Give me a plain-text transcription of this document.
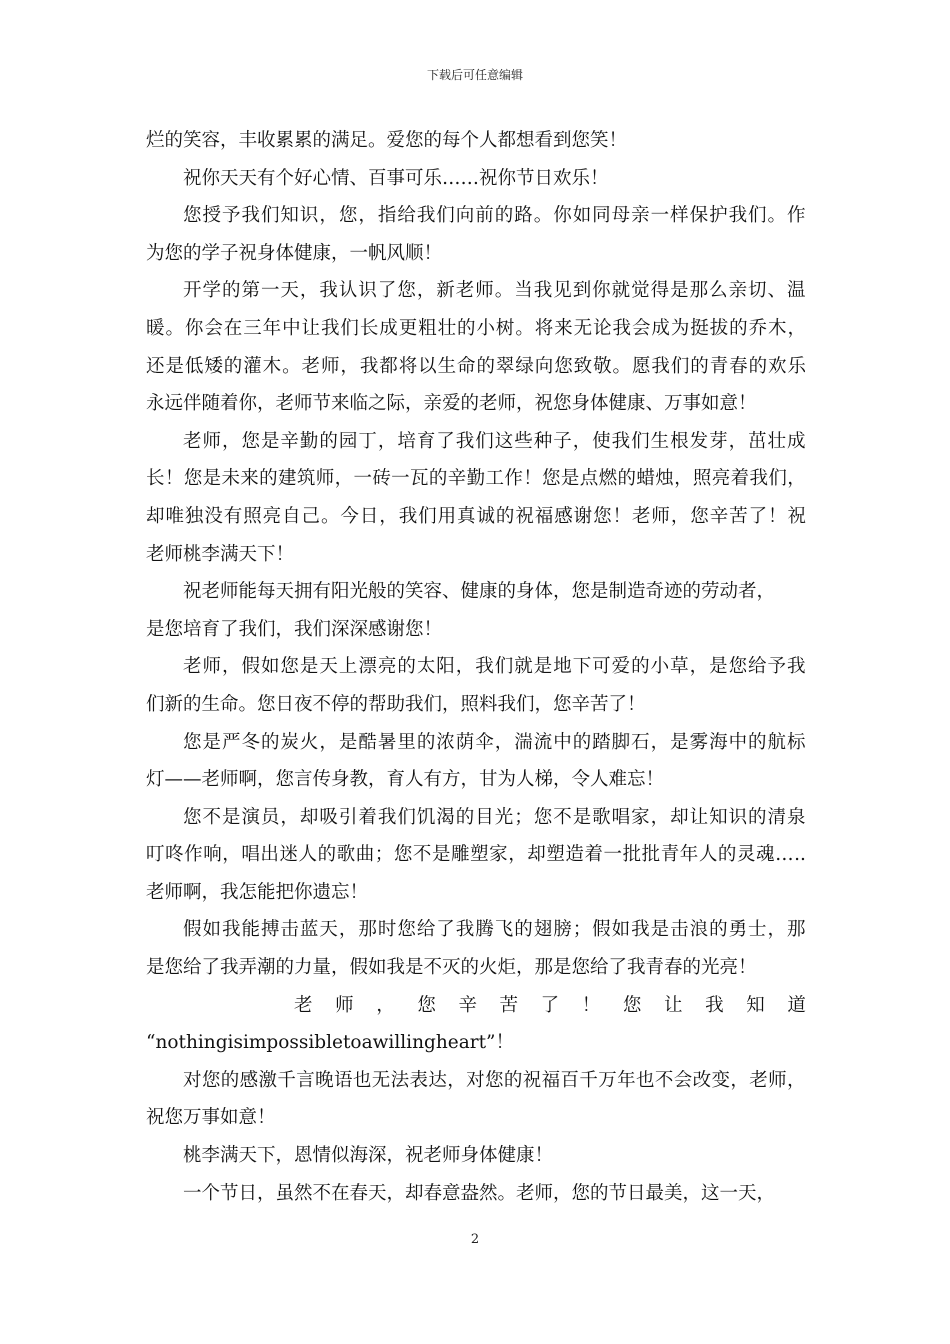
下载后可任意编辑
烂的笑容，丰收累累的满足。爱您的每个人都想看到您笑！
祝你天天有个好心情、百事可乐……祝你节日欢乐！
您 授 予 我 们 知 识 ， 您 ， 指 给 我 们 向 前 的 路 。 你 如 同 母 亲 一 样 保 护 我 们 。 作
为您的学子祝身体健康，一帆风顺！
开 学 的 第 一 天 ， 我 认 识 了 您 ， 新 老 师 。 当 我 见 到 你 就 觉 得 是 那 么 亲 切 、 温
暖 。 你 会 在 三 年 中 让 我 们 长 成 更 粗 壮 的 小 树 。 将 来 无 论 我 会 成 为 挺 拔 的 乔 木 ，
还 是 低 矮 的 灌 木 。 老 师 ， 我 都 将 以 生 命 的 翠 绿 向 您 致 敬 。 愿 我 们 的 青 春 的 欢 乐
永远伴随着你，老师节来临之际，亲爱的老师，祝您身体健康、万事如意！
老 师 ， 您 是 辛 勤 的 园 丁 ， 培 育 了 我 们 这 些 种 子 ， 使 我 们 生 根 发 芽 ， 茁 壮 成
长 ！ 您 是 未 来 的 建 筑 师 ， 一 砖 一 瓦 的 辛 勤 工 作 ！ 您 是 点 燃 的 蜡 烛 ， 照 亮 着 我 们 ，
却 唯 独 没 有 照 亮 自 己 。 今 日 ， 我 们 用 真 诚 的 祝 福 感 谢 您 ！ 老 师 ， 您 辛 苦 了 ！ 祝
老师桃李满天下！
祝老师能每天拥有阳光般的笑容、健康的身体，您是制造奇迹的劳动者，
是您培育了我们，我们深深感谢您！
老 师 ， 假 如 您 是 天 上 漂 亮 的 太 阳 ， 我 们 就 是 地 下 可 爱 的 小 草 ， 是 您 给 予 我
们新的生命。您日夜不停的帮助我们，照料我们，您辛苦了！
您 是 严 冬 的 炭 火 ， 是 酷 暑 里 的 浓 荫 伞 ， 湍 流 中 的 踏 脚 石 ， 是 雾 海 中 的 航 标
灯——老师啊，您言传身教，育人有方，甘为人梯，令人难忘！
您 不 是 演 员 ， 却 吸 引 着 我 们 饥 渴 的 目 光 ； 您 不 是 歌 唱 家 ， 却 让 知 识 的 清 泉
叮 咚 作 响 ， 唱 出 迷 人 的 歌 曲 ； 您 不 是 雕 塑 家 ， 却 塑 造 着 一 批 批 青 年 人 的 灵 魂 … ..
老师啊，我怎能把你遗忘！
假 如 我 能 搏 击 蓝 天 ， 那 时 您 给 了 我 腾 飞 的 翅 膀 ； 假 如 我 是 击 浪 的 勇 士 ， 那
是您给了我弄潮的力量，假如我是不灭的火炬，那是您给了我青春的光亮！
老 师 ， 您 辛 苦 了 ！ 您 让 我 知 道
“nothingisimpossibletoawillingheart”！
对 您 的 感 激 千 言 晚 语 也 无 法 表 达 ， 对 您 的 祝 福 百 千 万 年 也 不 会 改 变 ， 老 师 ，
祝您万事如意！
桃李满天下，恩情似海深，祝老师身体健康！
一个节日，虽然不在春天，却春意盎然。老师，您的节日最美，这一天，
2
